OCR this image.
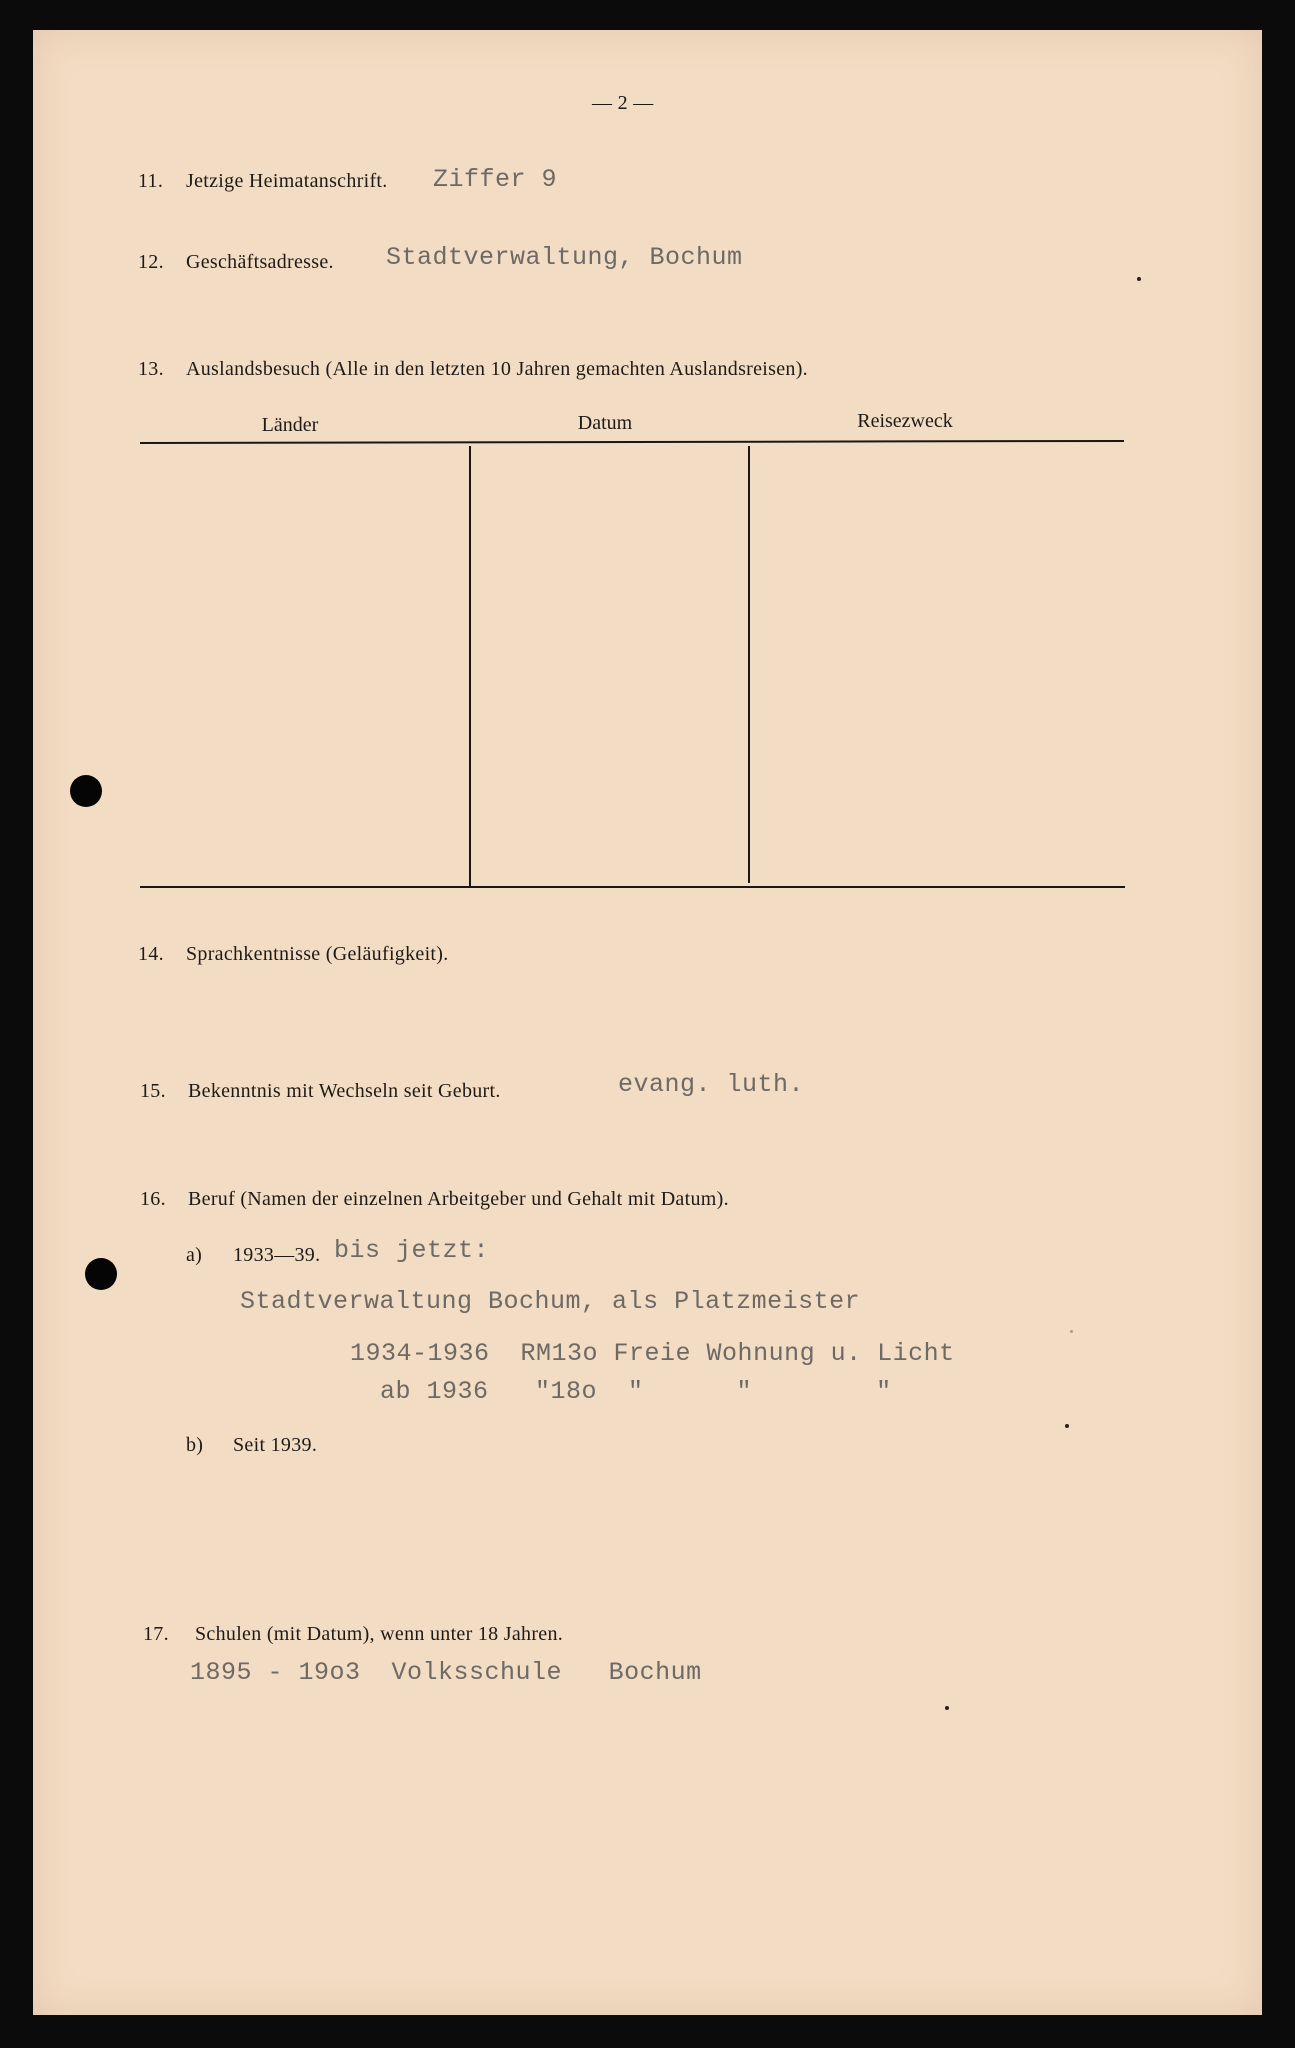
— 2 —
11. Jetzige Heimatanschrift. Ziffer 9
12. Geschäftsadresse. Stadtverwaltung, Bochum
13. Auslandsbesuch (Alle in den letzten 10 Jahren gemachten Auslandsreisen).
Länder	Datum	Reisezweck
14. Sprachkentnisse (Geläufigkeit).
15. Bekenntnis mit Wechseln seit Geburt.	evang. luth.
16. Beruf (Namen der einzelnen Arbeitgeber und Gehalt mit Datum).
a) 1933—39. bis jetzt:
Stadtverwaltung Bochum, als Platzmeister
1934-1936  RM13o Freie Wohnung u. Licht
ab 1936   "18o  "      "        "
b) Seit 1939.
17. Schulen (mit Datum), wenn unter 18 Jahren.
1895 - 19o3  Volksschule   Bochum
